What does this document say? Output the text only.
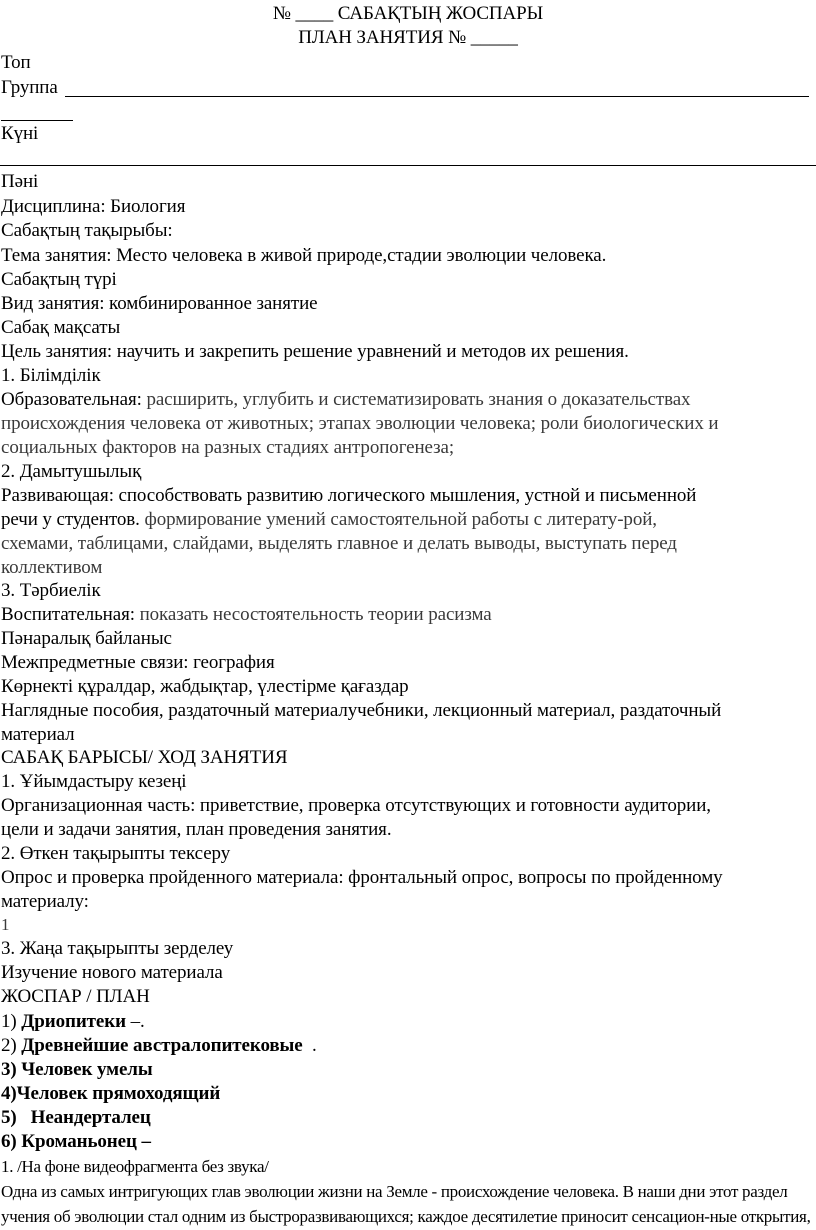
№ ____ САБАҚТЫҢ ЖОСПАРЫ
ПЛАН ЗАНЯТИЯ № _____
Топ
Группа
Күні
Пәні
Дисциплина: Биология
Сабақтың тақырыбы:
Тема занятия: Место человека в живой природе,стадии эволюции человека.
Сабақтың түрі
Вид занятия: комбинированное занятие
Сабақ мақсаты
Цель занятия: научить и закрепить решение уравнений и методов их решения.
1. Білімділік
Образовательная: расширить, углубить и систематизировать знания о доказательствах
происхождения человека от животных; этапах эволюции человека; роли биологических и
социальных факторов на разных стадиях антропогенеза;
2. Дамытушылық
Развивающая: способствовать развитию логического мышления, устной и письменной
речи у студентов. формирование умений самостоятельной работы с литерату-рой,
схемами, таблицами, слайдами, выделять главное и делать выводы, выступать перед
коллективом
3. Тәрбиелік
Воспитательная: показать несостоятельность теории расизма
Пәнаралық байланыс
Межпредметные связи: география
Көрнекті құралдар, жабдықтар, үлестірме қағаздар
Наглядные пособия, раздаточный материалучебники, лекционный материал, раздаточный
материал
САБАҚ БАРЫСЫ/ ХОД ЗАНЯТИЯ
1. Ұйымдастыру кезеңі
Организационная часть: приветствие, проверка отсутствующих и готовности аудитории,
цели и задачи занятия, план проведения занятия.
2. Өткен тақырыпты тексеру
Опрос и проверка пройденного материала: фронтальный опрос, вопросы по пройденному
материалу:
1
3. Жаңа тақырыпты зерделеу
Изучение нового материала
ЖОСПАР / ПЛАН
1) Дриопитеки –.
2) Древнейшие австралопитековые  .
3) Человек умелы
4)Человек прямоходящий
5) Неандерталец
6) Кроманьонец –
1. /На фоне видеофрагмента без звука/
Одна из самых интригующих глав эволюции жизни на Земле - происхождение человека. В наши дни этот раздел
учения об эволюции стал одним из быстроразвивающихся; каждое десятилетие приносит сенсацион-ные открытия,
